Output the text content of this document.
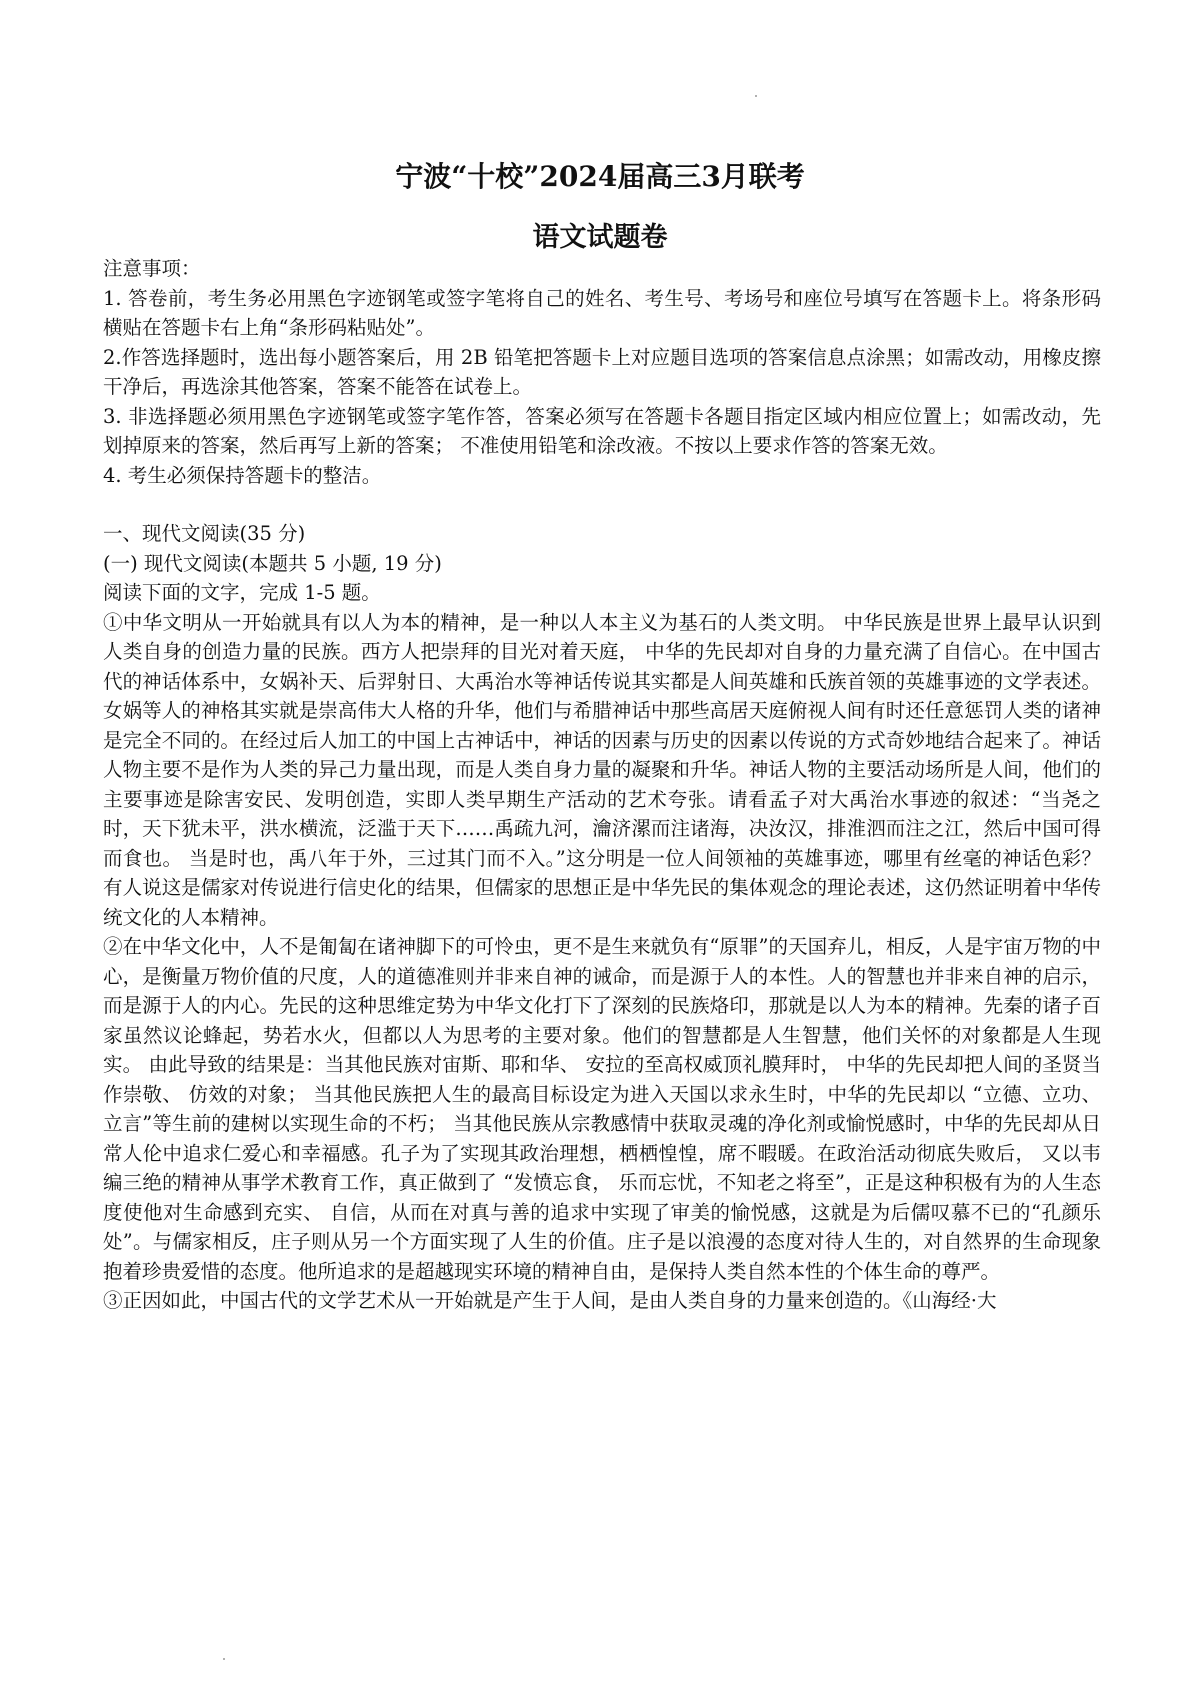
宁波“十校”2024届高三3月联考
语文试题卷

注意事项：

1. 答卷前，考生务必用黑色字迹钢笔或签字笔将自己的姓名、考生号、考场号和座位号填写在答题卡上。将条形码横贴在答题卡右上角“条形码粘贴处”。

2.作答选择题时，选出每小题答案后，用 2B 铅笔把答题卡上对应题目选项的答案信息点涂黑；如需改动，用橡皮擦干净后，再选涂其他答案，答案不能答在试卷上。

3. 非选择题必须用黑色字迹钢笔或签字笔作答，答案必须写在答题卡各题目指定区域内相应位置上；如需改动，先划掉原来的答案，然后再写上新的答案； 不准使用铅笔和涂改液。不按以上要求作答的答案无效。

4. 考生必须保持答题卡的整洁。

一、现代文阅读(35 分)

(一) 现代文阅读(本题共 5 小题, 19 分)

阅读下面的文字，完成 1-5 题。

①中华文明从一开始就具有以人为本的精神，是一种以人本主义为基石的人类文明。 中华民族是世界上最早认识到人类自身的创造力量的民族。西方人把崇拜的目光对着天庭， 中华的先民却对自身的力量充满了自信心。在中国古代的神话体系中，女娲补天、后羿射日、大禹治水等神话传说其实都是人间英雄和氏族首领的英雄事迹的文学表述。女娲等人的神格其实就是崇高伟大人格的升华，他们与希腊神话中那些高居天庭俯视人间有时还任意惩罚人类的诸神是完全不同的。在经过后人加工的中国上古神话中，神话的因素与历史的因素以传说的方式奇妙地结合起来了。神话人物主要不是作为人类的异己力量出现，而是人类自身力量的凝聚和升华。神话人物的主要活动场所是人间，他们的主要事迹是除害安民、发明创造，实即人类早期生产活动的艺术夸张。请看孟子对大禹治水事迹的叙述：“当尧之时，天下犹未平，洪水横流，泛滥于天下……禹疏九河，瀹济漯而注诸海，决汝汉，排淮泗而注之江，然后中国可得而食也。 当是时也，禹八年于外，三过其门而不入。”这分明是一位人间领袖的英雄事迹，哪里有丝毫的神话色彩？有人说这是儒家对传说进行信史化的结果，但儒家的思想正是中华先民的集体观念的理论表述，这仍然证明着中华传统文化的人本精神。

②在中华文化中，人不是匍匐在诸神脚下的可怜虫，更不是生来就负有“原罪”的天国弃儿，相反，人是宇宙万物的中心，是衡量万物价值的尺度，人的道德准则并非来自神的诫命，而是源于人的本性。人的智慧也并非来自神的启示， 而是源于人的内心。先民的这种思维定势为中华文化打下了深刻的民族烙印，那就是以人为本的精神。先秦的诸子百家虽然议论蜂起，势若水火，但都以人为思考的主要对象。他们的智慧都是人生智慧，他们关怀的对象都是人生现实。 由此导致的结果是：当其他民族对宙斯、耶和华、 安拉的至高权威顶礼膜拜时， 中华的先民却把人间的圣贤当作崇敬、 仿效的对象； 当其他民族把人生的最高目标设定为进入天国以求永生时，中华的先民却以 “立德、立功、立言”等生前的建树以实现生命的不朽； 当其他民族从宗教感情中获取灵魂的净化剂或愉悦感时，中华的先民却从日常人伦中追求仁爱心和幸福感。孔子为了实现其政治理想，栖栖惶惶，席不暇暖。在政治活动彻底失败后， 又以韦编三绝的精神从事学术教育工作，真正做到了 “发愤忘食， 乐而忘忧，不知老之将至”，正是这种积极有为的人生态度使他对生命感到充实、 自信，从而在对真与善的追求中实现了审美的愉悦感，这就是为后儒叹慕不已的“孔颜乐处”。与儒家相反，庄子则从另一个方面实现了人生的价值。庄子是以浪漫的态度对待人生的，对自然界的生命现象抱着珍贵爱惜的态度。他所追求的是超越现实环境的精神自由，是保持人类自然本性的个体生命的尊严。

③正因如此，中国古代的文学艺术从一开始就是产生于人间，是由人类自身的力量来创造的。《山海经·大
